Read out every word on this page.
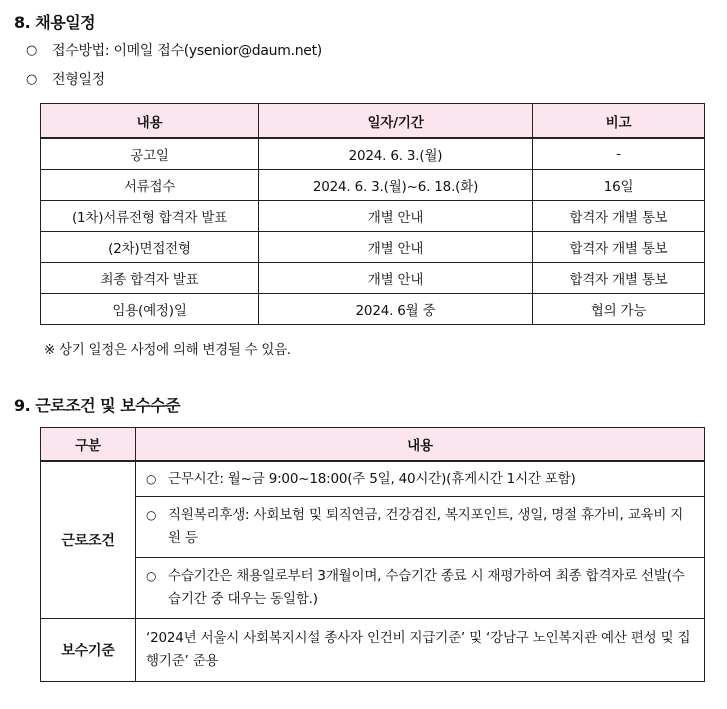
8. 채용일정
○	접수방법: 이메일 접수(ysenior@daum.net)
○	전형일정
내용	일자/기간	비고
공고일	2024. 6. 3.(월)	-
서류접수	2024. 6. 3.(월)~6. 18.(화)	16일
(1차)서류전형 합격자 발표	개별 안내	합격자 개별 통보
(2차)면접전형	개별 안내	합격자 개별 통보
최종 합격자 발표	개별 안내	합격자 개별 통보
임용(예정)일	2024. 6월 중	협의 가능
※ 상기 일정은 사정에 의해 변경될 수 있음.
9. 근로조건 및 보수수준
구분	내용
근로조건	○ 근무시간: 월~금 9:00~18:00(주 5일, 40시간)(휴게시간 1시간 포함)

	○ 직원복리후생: 사회보험 및 퇴직연금, 건강검진, 복지포인트, 생일, 명절 휴가비, 교육비 지원 등

	○ 수습기간은 채용일로부터 3개월이며, 수습기간 종료 시 재평가하여 최종 합격자로 선발(수습기간 중 대우는 동일함.)

보수기준	‘2024년 서울시 사회복지시설 종사자 인건비 지급기준’ 및 ‘강남구 노인복지관 예산 편성 및 집행기준’ 준용
